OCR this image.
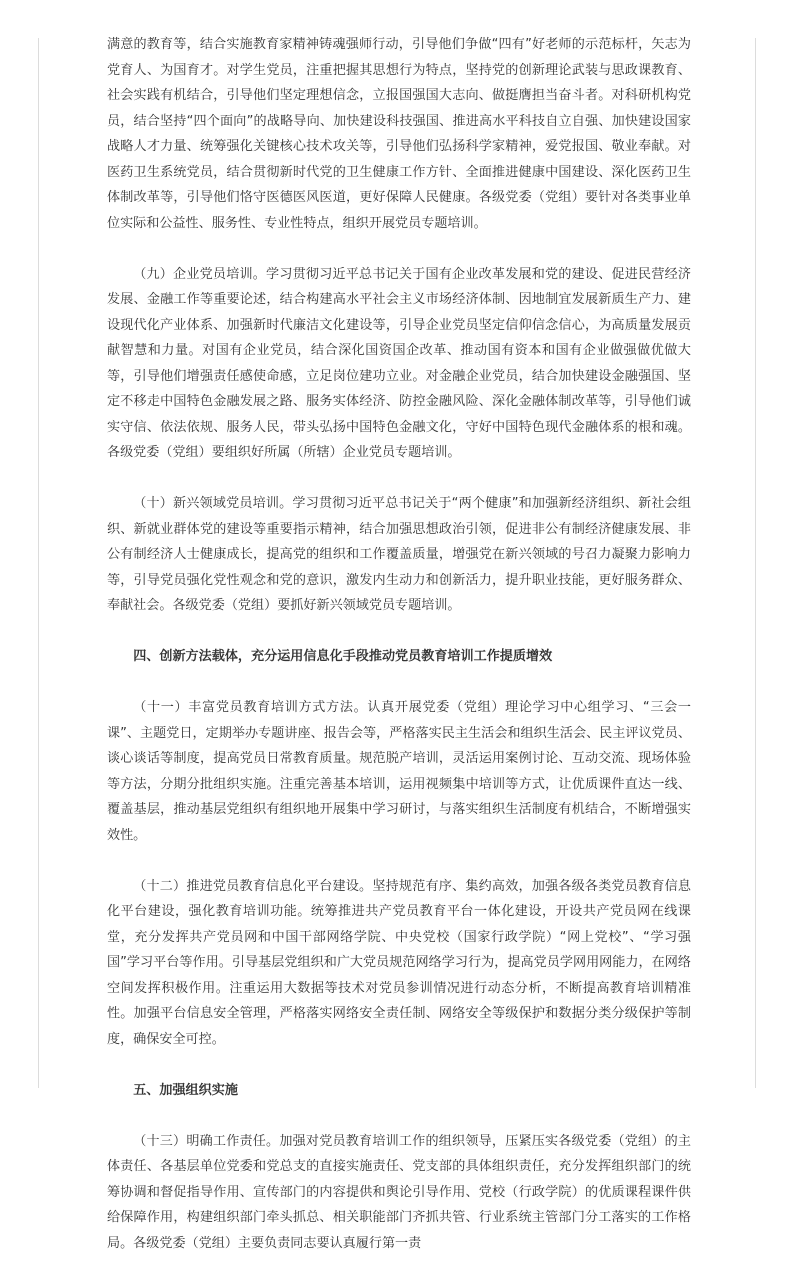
满意的教育等，结合实施教育家精神铸魂强师行动，引导他们争做“四有”好老师的示范标杆，矢志为党育人、为国育才。对学生党员，注重把握其思想行为特点，坚持党的创新理论武装与思政课教育、社会实践有机结合，引导他们坚定理想信念，立报国强国大志向、做挺膺担当奋斗者。对科研机构党员，结合坚持“四个面向”的战略导向、加快建设科技强国、推进高水平科技自立自强、加快建设国家战略人才力量、统筹强化关键核心技术攻关等，引导他们弘扬科学家精神，爱党报国、敬业奉献。对医药卫生系统党员，结合贯彻新时代党的卫生健康工作方针、全面推进健康中国建设、深化医药卫生体制改革等，引导他们恪守医德医风医道，更好保障人民健康。各级党委（党组）要针对各类事业单位实际和公益性、服务性、专业性特点，组织开展党员专题培训。

（九）企业党员培训。学习贯彻习近平总书记关于国有企业改革发展和党的建设、促进民营经济发展、金融工作等重要论述，结合构建高水平社会主义市场经济体制、因地制宜发展新质生产力、建设现代化产业体系、加强新时代廉洁文化建设等，引导企业党员坚定信仰信念信心，为高质量发展贡献智慧和力量。对国有企业党员，结合深化国资国企改革、推动国有资本和国有企业做强做优做大等，引导他们增强责任感使命感，立足岗位建功立业。对金融企业党员，结合加快建设金融强国、坚定不移走中国特色金融发展之路、服务实体经济、防控金融风险、深化金融体制改革等，引导他们诚实守信、依法依规、服务人民，带头弘扬中国特色金融文化，守好中国特色现代金融体系的根和魂。各级党委（党组）要组织好所属（所辖）企业党员专题培训。

（十）新兴领域党员培训。学习贯彻习近平总书记关于“两个健康”和加强新经济组织、新社会组织、新就业群体党的建设等重要指示精神，结合加强思想政治引领，促进非公有制经济健康发展、非公有制经济人士健康成长，提高党的组织和工作覆盖质量，增强党在新兴领域的号召力凝聚力影响力等，引导党员强化党性观念和党的意识，激发内生动力和创新活力，提升职业技能，更好服务群众、奉献社会。各级党委（党组）要抓好新兴领域党员专题培训。

四、创新方法载体，充分运用信息化手段推动党员教育培训工作提质增效

（十一）丰富党员教育培训方式方法。认真开展党委（党组）理论学习中心组学习、“三会一课”、主题党日，定期举办专题讲座、报告会等，严格落实民主生活会和组织生活会、民主评议党员、谈心谈话等制度，提高党员日常教育质量。规范脱产培训，灵活运用案例讨论、互动交流、现场体验等方法，分期分批组织实施。注重完善基本培训，运用视频集中培训等方式，让优质课件直达一线、覆盖基层，推动基层党组织有组织地开展集中学习研讨，与落实组织生活制度有机结合，不断增强实效性。

（十二）推进党员教育信息化平台建设。坚持规范有序、集约高效，加强各级各类党员教育信息化平台建设，强化教育培训功能。统筹推进共产党员教育平台一体化建设，开设共产党员网在线课堂，充分发挥共产党员网和中国干部网络学院、中央党校（国家行政学院）“网上党校”、“学习强国”学习平台等作用。引导基层党组织和广大党员规范网络学习行为，提高党员学网用网能力，在网络空间发挥积极作用。注重运用大数据等技术对党员参训情况进行动态分析，不断提高教育培训精准性。加强平台信息安全管理，严格落实网络安全责任制、网络安全等级保护和数据分类分级保护等制度，确保安全可控。

五、加强组织实施

（十三）明确工作责任。加强对党员教育培训工作的组织领导，压紧压实各级党委（党组）的主体责任、各基层单位党委和党总支的直接实施责任、党支部的具体组织责任，充分发挥组织部门的统筹协调和督促指导作用、宣传部门的内容提供和舆论引导作用、党校（行政学院）的优质课程课件供给保障作用，构建组织部门牵头抓总、相关职能部门齐抓共管、行业系统主管部门分工落实的工作格局。各级党委（党组）主要负责同志要认真履行第一责
